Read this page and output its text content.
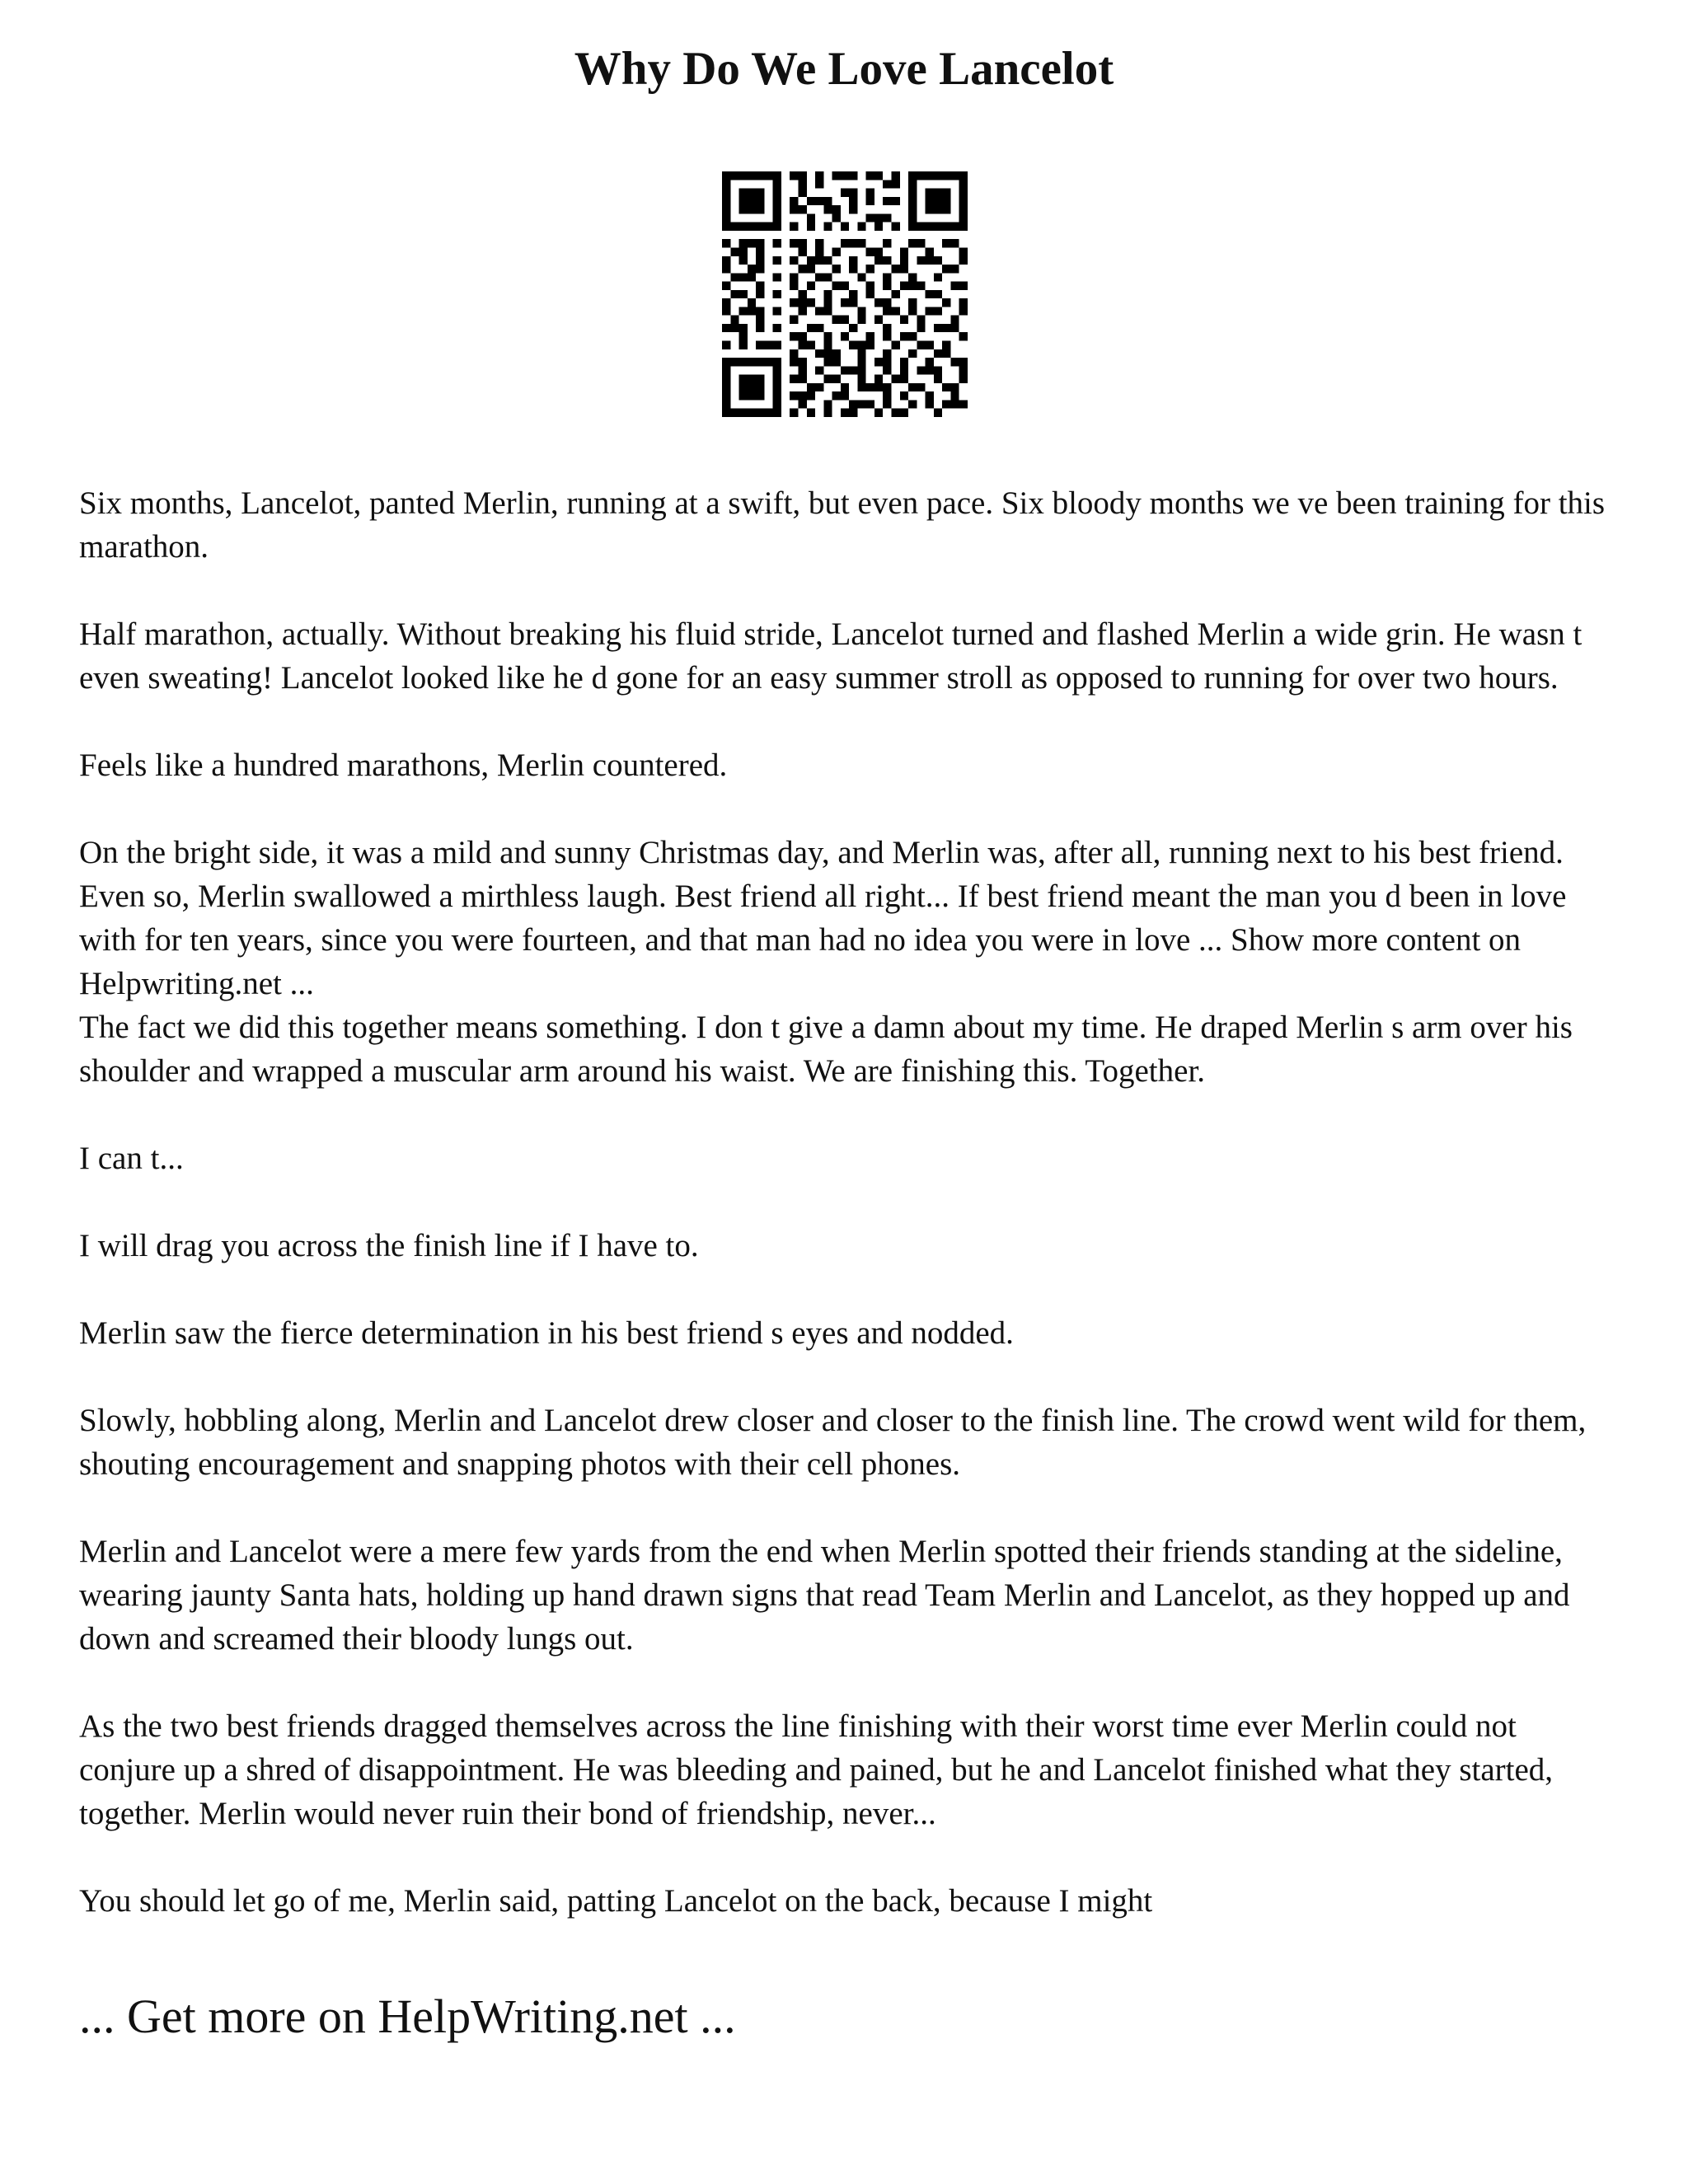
Why Do We Love Lancelot

Six months, Lancelot, panted Merlin, running at a swift, but even pace. Six bloody months we ve been training for this marathon.

Half marathon, actually. Without breaking his fluid stride, Lancelot turned and flashed Merlin a wide grin. He wasn t even sweating! Lancelot looked like he d gone for an easy summer stroll as opposed to running for over two hours.

Feels like a hundred marathons, Merlin countered.

On the bright side, it was a mild and sunny Christmas day, and Merlin was, after all, running next to his best friend. Even so, Merlin swallowed a mirthless laugh. Best friend all right... If best friend meant the man you d been in love with for ten years, since you were fourteen, and that man had no idea you were in love ... Show more content on Helpwriting.net ...

The fact we did this together means something. I don t give a damn about my time. He draped Merlin s arm over his shoulder and wrapped a muscular arm around his waist. We are finishing this. Together.

I can t...

I will drag you across the finish line if I have to.

Merlin saw the fierce determination in his best friend s eyes and nodded.

Slowly, hobbling along, Merlin and Lancelot drew closer and closer to the finish line. The crowd went wild for them, shouting encouragement and snapping photos with their cell phones.

Merlin and Lancelot were a mere few yards from the end when Merlin spotted their friends standing at the sideline, wearing jaunty Santa hats, holding up hand drawn signs that read Team Merlin and Lancelot, as they hopped up and down and screamed their bloody lungs out.

As the two best friends dragged themselves across the line finishing with their worst time ever Merlin could not conjure up a shred of disappointment. He was bleeding and pained, but he and Lancelot finished what they started, together. Merlin would never ruin their bond of friendship, never...

You should let go of me, Merlin said, patting Lancelot on the back, because I might

... Get more on HelpWriting.net ...
